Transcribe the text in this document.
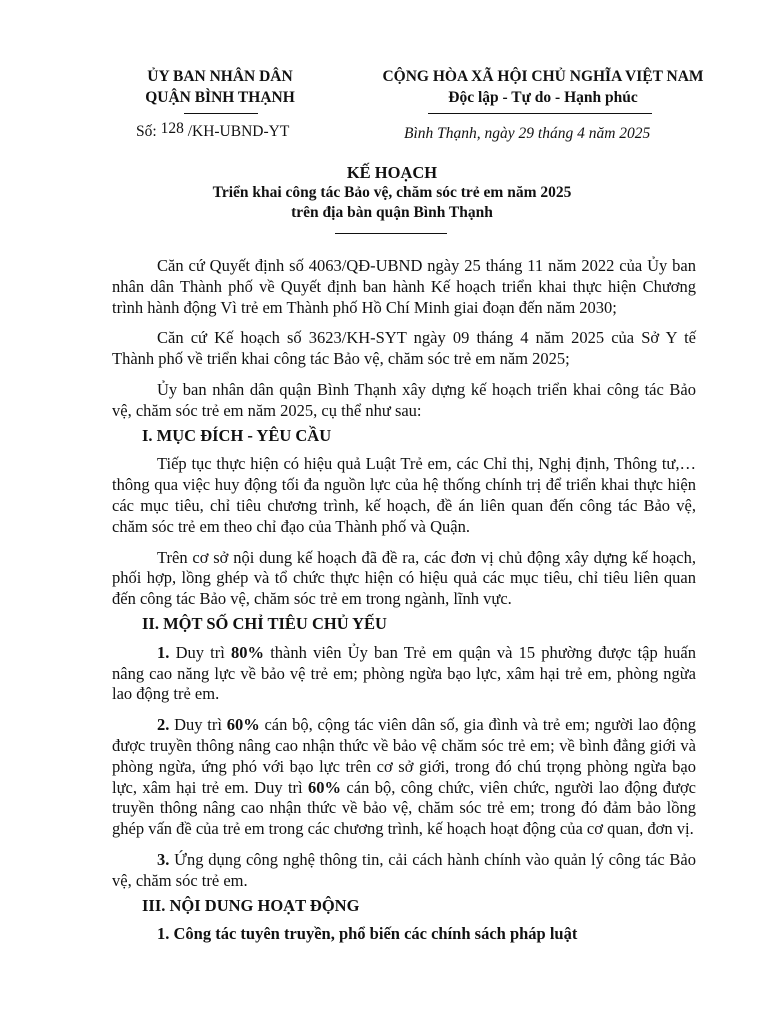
ỦY BAN NHÂN DÂN
QUẬN BÌNH THẠNH
CỘNG HÒA XÃ HỘI CHỦ NGHĨA VIỆT NAM
Độc lập - Tự do - Hạnh phúc
Số: 128 /KH-UBND-YT	Bình Thạnh, ngày 29 tháng 4 năm 2025
KẾ HOẠCH
Triển khai công tác Bảo vệ, chăm sóc trẻ em năm 2025
trên địa bàn quận Bình Thạnh

Căn cứ Quyết định số 4063/QĐ-UBND ngày 25 tháng 11 năm 2022 của Ủy ban nhân dân Thành phố về Quyết định ban hành Kế hoạch triển khai thực hiện Chương trình hành động Vì trẻ em Thành phố Hồ Chí Minh giai đoạn đến năm 2030;

Căn cứ Kế hoạch số 3623/KH-SYT ngày 09 tháng 4 năm 2025 của Sở Y tế Thành phố về triển khai công tác Bảo vệ, chăm sóc trẻ em năm 2025;

Ủy ban nhân dân quận Bình Thạnh xây dựng kế hoạch triển khai công tác Bảo vệ, chăm sóc trẻ em năm 2025, cụ thể như sau:

I. MỤC ĐÍCH - YÊU CẦU

Tiếp tục thực hiện có hiệu quả Luật Trẻ em, các Chỉ thị, Nghị định, Thông tư,… thông qua việc huy động tối đa nguồn lực của hệ thống chính trị để triển khai thực hiện các mục tiêu, chỉ tiêu chương trình, kế hoạch, đề án liên quan đến công tác Bảo vệ, chăm sóc trẻ em theo chỉ đạo của Thành phố và Quận.

Trên cơ sở nội dung kế hoạch đã đề ra, các đơn vị chủ động xây dựng kế hoạch, phối hợp, lồng ghép và tổ chức thực hiện có hiệu quả các mục tiêu, chỉ tiêu liên quan đến công tác Bảo vệ, chăm sóc trẻ em trong ngành, lĩnh vực.

II. MỘT SỐ CHỈ TIÊU CHỦ YẾU

1. Duy trì 80% thành viên Ủy ban Trẻ em quận và 15 phường được tập huấn nâng cao năng lực về bảo vệ trẻ em; phòng ngừa bạo lực, xâm hại trẻ em, phòng ngừa lao động trẻ em.

2. Duy trì 60% cán bộ, cộng tác viên dân số, gia đình và trẻ em; người lao động được truyền thông nâng cao nhận thức về bảo vệ chăm sóc trẻ em; về bình đẳng giới và phòng ngừa, ứng phó với bạo lực trên cơ sở giới, trong đó chú trọng phòng ngừa bạo lực, xâm hại trẻ em. Duy trì 60% cán bộ, công chức, viên chức, người lao động được truyền thông nâng cao nhận thức về bảo vệ, chăm sóc trẻ em; trong đó đảm bảo lồng ghép vấn đề của trẻ em trong các chương trình, kế hoạch hoạt động của cơ quan, đơn vị.

3. Ứng dụng công nghệ thông tin, cải cách hành chính vào quản lý công tác Bảo vệ, chăm sóc trẻ em.

III. NỘI DUNG HOẠT ĐỘNG
1. Công tác tuyên truyền, phổ biến các chính sách pháp luật
